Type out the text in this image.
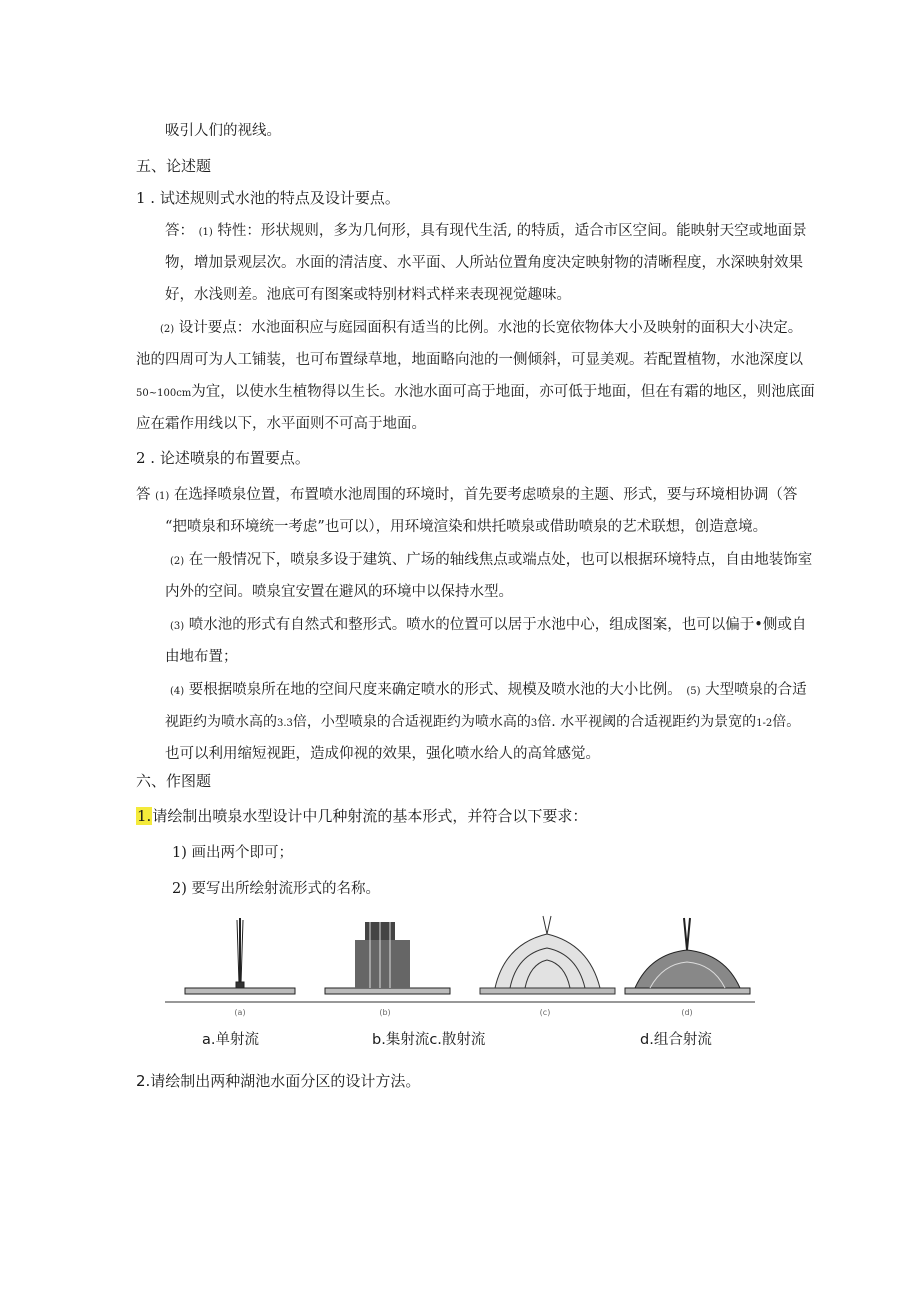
吸引人们的视线。
五、论述题
1 . 试述规则式水池的特点及设计要点。
答： (1) 特性：形状规则，多为几何形，具有现代生活, 的特质，适合市区空间。能映射天空或地面景
物，增加景观层次。水面的清洁度、水平面、人所站位置角度决定映射物的清晰程度，水深映射效果
好，水浅则差。池底可有图案或特别材料式样来表现视觉趣味。
(2) 设计要点：水池面积应与庭园面积有适当的比例。水池的长宽依物体大小及映射的面积大小决定。
池的四周可为人工铺装，也可布置绿草地，地面略向池的一侧倾斜，可显美观。若配置植物，水池深度以
50~100cm为宜，以使水生植物得以生长。水池水面可高于地面，亦可低于地面，但在有霜的地区，则池底面
应在霜作用线以下，水平面则不可高于地面。
2 . 论述喷泉的布置要点。
答 (1) 在选择喷泉位置，布置喷水池周围的环境时，首先要考虑喷泉的主题、形式，要与环境相协调（答
“把喷泉和环境统一考虑”也可以），用环境渲染和烘托喷泉或借助喷泉的艺术联想，创造意境。
(2) 在一般情况下，喷泉多设于建筑、广场的轴线焦点或端点处，也可以根据环境特点，自由地装饰室
内外的空间。喷泉宜安置在避风的环境中以保持水型。
(3) 喷水池的形式有自然式和整形式。喷水的位置可以居于水池中心，组成图案，也可以偏于•侧或自
由地布置；
(4) 要根据喷泉所在地的空间尺度来确定喷水的形式、规模及喷水池的大小比例。 (5) 大型喷泉的合适
视距约为喷水高的3.3倍，小型喷泉的合适视距约为喷水高的3倍. 水平视阈的合适视距约为景宽的1-2倍。
也可以利用缩短视距，造成仰视的效果，强化喷水给人的高耸感觉。
六、作图题
1.请绘制出喷泉水型设计中几种射流的基本形式，并符合以下要求：
1) 画出两个即可；
2) 要写出所绘射流形式的名称。
(a)	(b)	(c)	(d)
a.单射流	b.集射流c.散射流	d.组合射流
2.请绘制出两种湖池水面分区的设计方法。
